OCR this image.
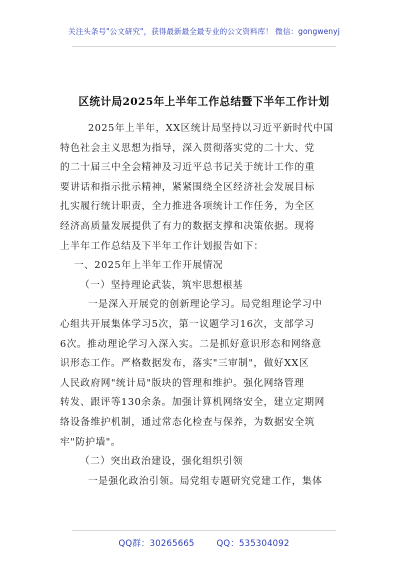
关注头条号"公文研究"，获得最新最全最专业的公文资料库！ 微信：gongwenyj
区统计局2025年上半年工作总结暨下半年工作计划

2025年上半年，XX区统计局坚持以习近平新时代中国

特色社会主义思想为指导，深入贯彻落实党的二十大、党

的二十届三中全会精神及习近平总书记关于统计工作的重

要讲话和指示批示精神，紧紧围绕全区经济社会发展目标

扎实履行统计职责，全力推进各项统计工作任务，为全区

经济高质量发展提供了有力的数据支撑和决策依据。现将

上半年工作总结及下半年工作计划报告如下：

一、2025年上半年工作开展情况

（一）坚持理论武装，筑牢思想根基

一是深入开展党的创新理论学习。局党组理论学习中

心组共开展集体学习5次，第一议题学习16次，支部学习

6次。推动理论学习入深入实。二是抓好意识形态和网络意

识形态工作。严格数据发布，落实"三审制"，做好XX区

人民政府网"统计局"版块的管理和维护。强化网络管理

转发、跟评等130余条。加强计算机网络安全，建立定期网

络设备维护机制，通过常态化检查与保养，为数据安全筑

牢"防护墙"。

（二）突出政治建设，强化组织引领

一是强化政治引领。局党组专题研究党建工作，集体

QQ群：30265665	QQ：535304092
